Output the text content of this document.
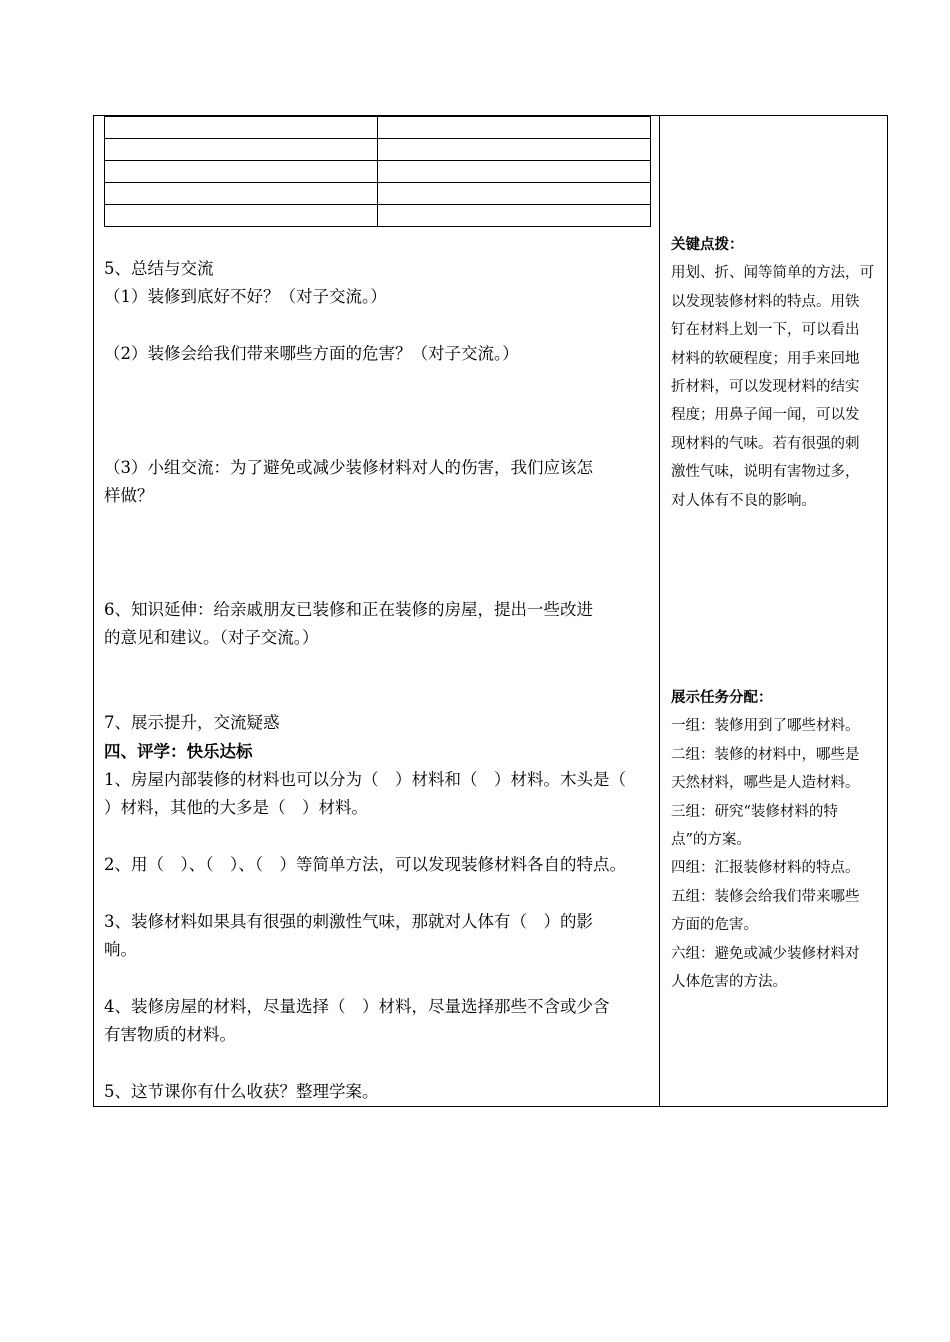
5、总结与交流
（1）装修到底好不好？（对子交流。）
（2）装修会给我们带来哪些方面的危害？（对子交流。）
（3）小组交流：为了避免或减少装修材料对人的伤害，我们应该怎
样做？
6、知识延伸：给亲戚朋友已装修和正在装修的房屋，提出一些改进
的意见和建议。（对子交流。）
7、展示提升，交流疑惑
四、评学：快乐达标
1、房屋内部装修的材料也可以分为（　）材料和（　）材料。木头是（
）材料，其他的大多是（　）材料。
2、用（　）、（　）、（　）等简单方法，可以发现装修材料各自的特点。
3、装修材料如果具有很强的刺激性气味，那就对人体有（　）的影
响。
4、装修房屋的材料，尽量选择（　）材料，尽量选择那些不含或少含
有害物质的材料。
5、这节课你有什么收获？整理学案。
关键点拨：
用划、折、闻等简单的方法，可
以发现装修材料的特点。用铁
钉在材料上划一下，可以看出
材料的软硬程度；用手来回地
折材料，可以发现材料的结实
程度；用鼻子闻一闻，可以发
现材料的气味。若有很强的刺
激性气味，说明有害物过多，
对人体有不良的影响。
展示任务分配：
一组：装修用到了哪些材料。
二组：装修的材料中，哪些是
天然材料，哪些是人造材料。
三组：研究“装修材料的特
点”的方案。
四组：汇报装修材料的特点。
五组：装修会给我们带来哪些
方面的危害。
六组：避免或减少装修材料对
人体危害的方法。
